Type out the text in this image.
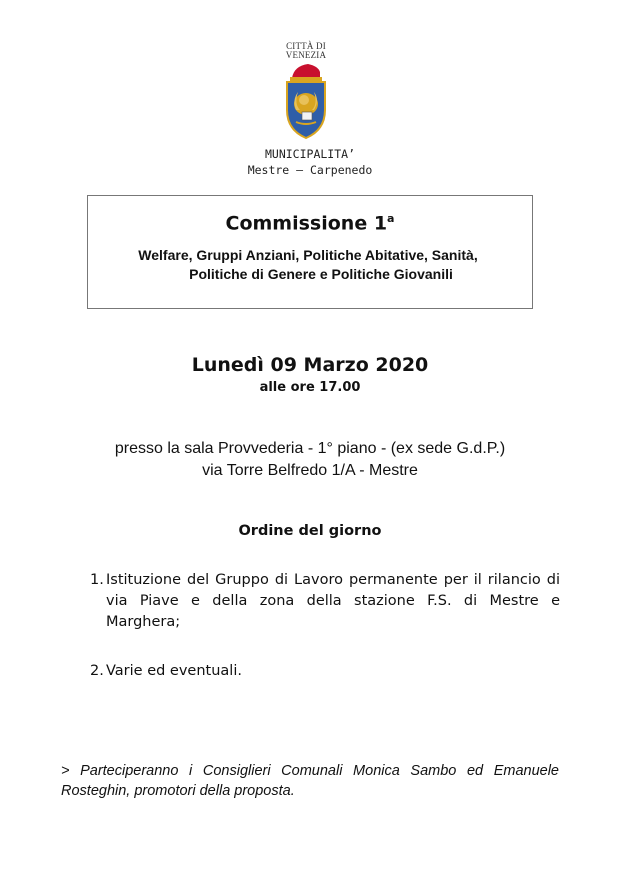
CITTÀ DI
VENEZIA
MUNICIPALITA’
Mestre – Carpenedo
Commissione 1$^a$
Welfare, Gruppi Anziani, Politiche Abitative, Sanità,
Politiche di Genere e Politiche Giovanili
Lunedì 09 Marzo 2020
alle ore 17.00
presso la sala Provvederia - 1° piano - (ex sede G.d.P.)
via Torre Belfredo 1/A - Mestre
Ordine del giorno
1. Istituzione del Gruppo di Lavoro permanente per il rilancio di via Piave e della zona della stazione F.S. di Mestre e Marghera;
2. Varie ed eventuali.
> Parteciperanno i Consiglieri Comunali Monica Sambo ed Emanuele Rosteghin, promotori della proposta.
